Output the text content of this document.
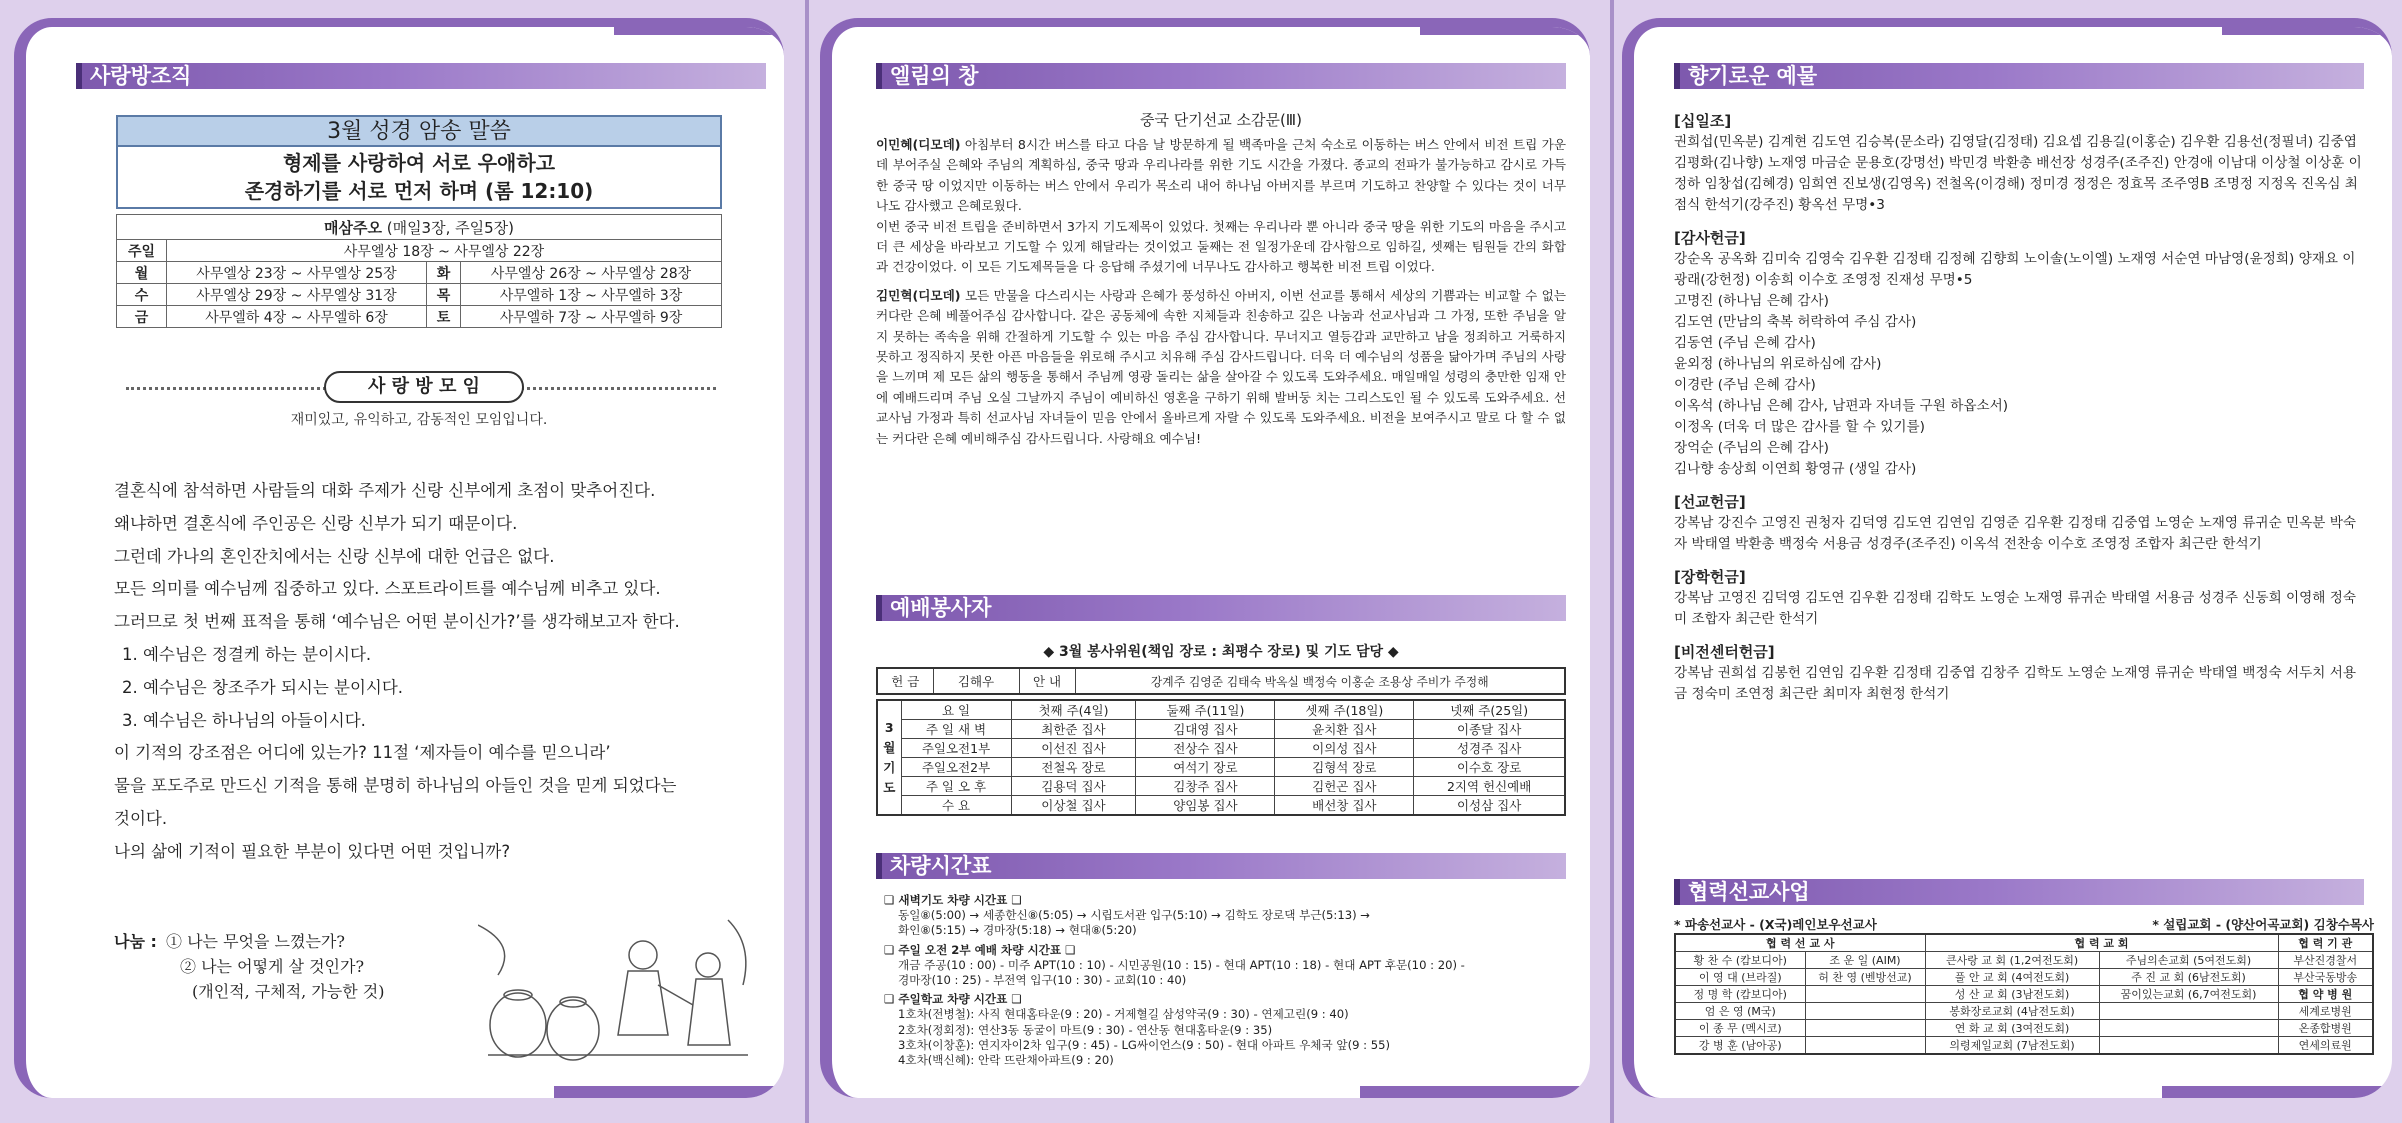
사랑방조직
3월 성경 암송 말씀
형제를 사랑하여 서로 우애하고
존경하기를 서로 먼저 하며 (롬 12:10)
매삼주오 (매일3장, 주일5장)			
주일	사무엘상 18장 ~ 사무엘상 22장		
월	사무엘상 23장 ~ 사무엘상 25장	화	사무엘상 26장 ~ 사무엘상 28장
수	사무엘상 29장 ~ 사무엘상 31장	목	사무엘하 1장 ~ 사무엘하 3장
금	사무엘하 4장 ~ 사무엘하 6장	토	사무엘하 7장 ~ 사무엘하 9장
사 랑 방 모 임
재미있고, 유익하고, 감동적인 모임입니다.
결혼식에 참석하면 사람들의 대화 주제가 신랑 신부에게 초점이 맞추어진다.
왜냐하면 결혼식에 주인공은 신랑 신부가 되기 때문이다.
그런데 가나의 혼인잔치에서는 신랑 신부에 대한 언급은 없다.
모든 의미를 예수님께 집중하고 있다. 스포트라이트를 예수님께 비추고 있다.
그러므로 첫 번째 표적을 통해 ‘예수님은 어떤 분이신가?’를 생각해보고자 한다.
1. 예수님은 정결케 하는 분이시다.
2. 예수님은 창조주가 되시는 분이시다.
3. 예수님은 하나님의 아들이시다.
이 기적의 강조점은 어디에 있는가? 11절 ‘제자들이 예수를 믿으니라’
물을 포도주로 만드신 기적을 통해 분명히 하나님의 아들인 것을 믿게 되었다는
것이다.
나의 삶에 기적이 필요한 부분이 있다면 어떤 것입니까?
나눔 : ① 나는 무엇을 느꼈는가?
② 나는 어떻게 살 것인가?
(개인적, 구체적, 가능한 것)
엘림의 창
중국 단기선교 소감문(Ⅲ)

이민혜(디모데) 아침부터 8시간 버스를 타고 다음 날 방문하게 될 백족마을 근처 숙소로 이동하는 버스 안에서 비전 트립 가운데 부어주실 은혜와 주님의 계획하심, 중국 땅과 우리나라를 위한 기도 시간을 가졌다. 종교의 전파가 불가능하고 감시로 가득한 중국 땅 이었지만 이동하는 버스 안에서 우리가 목소리 내어 하나님 아버지를 부르며 기도하고 찬양할 수 있다는 것이 너무나도 감사했고 은혜로웠다.

이번 중국 비전 트립을 준비하면서 3가지 기도제목이 있었다. 첫째는 우리나라 뿐 아니라 중국 땅을 위한 기도의 마음을 주시고 더 큰 세상을 바라보고 기도할 수 있게 해달라는 것이었고 둘째는 전 일정가운데 감사함으로 임하길, 셋째는 팀원들 간의 화합과 건강이었다. 이 모든 기도제목들을 다 응답해 주셨기에 너무나도 감사하고 행복한 비전 트립 이었다.

김민혁(디모데) 모든 만물을 다스리시는 사랑과 은혜가 풍성하신 아버지, 이번 선교를 통해서 세상의 기쁨과는 비교할 수 없는 커다란 은혜 베풀어주심 감사합니다. 같은 공동체에 속한 지체들과 친송하고 깊은 나눔과 선교사님과 그 가정, 또한 주님을 알지 못하는 족속을 위해 간절하게 기도할 수 있는 마음 주심 감사합니다. 무너지고 열등감과 교만하고 남을 정죄하고 거룩하지 못하고 정직하지 못한 아픈 마음들을 위로해 주시고 치유해 주심 감사드립니다. 더욱 더 예수님의 성품을 닮아가며 주님의 사랑을 느끼며 제 모든 삶의 행동을 통해서 주님께 영광 돌리는 삶을 살아갈 수 있도록 도와주세요. 매일매일 성령의 충만한 임재 안에 예배드리며 주님 오실 그날까지 주님이 예비하신 영혼을 구하기 위해 발버둥 치는 그리스도인 될 수 있도록 도와주세요. 선교사님 가정과 특히 선교사님 자녀들이 믿음 안에서 올바르게 자랄 수 있도록 도와주세요. 비전을 보여주시고 말로 다 할 수 없는 커다란 은혜 예비해주심 감사드립니다. 사랑해요 예수님!

예배봉사자
◆ 3월 봉사위원(책임 장로 : 최평수 장로) 및 기도 담당 ◆
헌 금	김해우	안 내	강계주 김영준 김태숙 박옥실 백정숙 이홍순 조용상 주비가 주정해
3
월
기
도	요 일	첫째 주(4일)	둘째 주(11일)	셋째 주(18일)	넷째 주(25일)
	주 일 새 벽	최한준 집사	김대영 집사	윤치환 집사	이종달 집사
	주일오전1부	이선진 집사	전상수 집사	이의성 집사	성경주 집사
	주일오전2부	전철옥 장로	여석기 장로	김형석 장로	이수호 장로
	주 일 오 후	김용덕 집사	김창주 집사	김헌곤 집사	2지역 헌신예배
	수 요	이상철 집사	양임봉 집사	배선창 집사	이성삼 집사
차량시간표
❑ 새벽기도 차량 시간표 ❑
동일⑧(5:00) → 세종한신⑧(5:05) → 시립도서관 입구(5:10) → 김학도 장로댁 부근(5:13) →
화인⑧(5:15) → 경마장(5:18) → 현대⑧(5:20)
❑ 주일 오전 2부 예배 차량 시간표 ❑
개금 주공(10 : 00) - 미주 APT(10 : 10) - 시민공원(10 : 15) - 현대 APT(10 : 18) - 현대 APT 후문(10 : 20) -
경마장(10 : 25) - 부전역 입구(10 : 30) - 교회(10 : 40)
❑ 주일학교 차량 시간표 ❑
1호차(전병철): 사직 현대홈타운(9 : 20) - 거제혈길 삼성약국(9 : 30) - 연제고린(9 : 40)
2호차(정회정): 연산3동 동굴이 마트(9 : 30) - 연산동 현대홈타운(9 : 35)
3호차(이창훈): 연지자이2차 입구(9 : 45) - LG싸이언스(9 : 50) - 현대 아파트 우체국 앞(9 : 55)
4호차(백신혜): 안락 뜨란채아파트(9 : 20)
향기로운 예물
[십일조]
권희섭(민옥분) 김계현 김도연 김승복(문소라) 김영달(김정태) 김요셉 김용길(이홍순) 김우환 김용선(정필녀) 김중엽 김평화(김나향) 노재영 마금순 문용호(강명선) 박민경 박환총 배선장 성경주(조주진) 안경애 이남대 이상철 이상훈 이정하 임창섭(김혜경) 임희연 진보생(김영옥) 전철옥(이경해) 정미경 정정은 정효목 조주영B 조명정 지정옥 진옥심 최점식 한석기(강주진) 황옥선 무명•3
[감사헌금]
강순옥 공옥화 김미숙 김영숙 김우환 김정태 김정혜 김향희 노이솔(노이엘) 노재영 서순연 마남영(윤정희) 양재요 이광래(강헌정) 이송희 이수호 조영정 진재성 무명•5
고명진 (하나님 은혜 감사)
김도연 (만남의 축복 허락하여 주심 감사)
김동연 (주님 은혜 감사)
윤외정 (하나님의 위로하심에 감사)
이경란 (주님 은혜 감사)
이옥석 (하나님 은혜 감사, 남편과 자녀들 구원 하옵소서)
이정옥 (더욱 더 많은 감사를 할 수 있기를)
장억순 (주님의 은혜 감사)
김나향 송상희 이연희 황영규 (생일 감사)
[선교헌금]
강복남 강진수 고영진 권청자 김덕영 김도연 김연임 김영준 김우환 김정태 김중엽 노영순 노재영 류귀순 민옥분 박숙자 박태열 박환총 백정숙 서용금 성경주(조주진) 이옥석 전찬송 이수호 조영정 조합자 최근란 한석기
[장학헌금]
강복남 고영진 김덕영 김도연 김우환 김정태 김학도 노영순 노재영 류귀순 박태열 서용금 성경주 신동희 이영해 정숙미 조합자 최근란 한석기
[비전센터헌금]
강복남 권희섭 김봉헌 김연임 김우환 김정태 김중엽 김창주 김학도 노영순 노재영 류귀순 박태열 백정숙 서두치 서용금 정숙미 조연정 최근란 최미자 최현정 한석기
협력선교사업
* 파송선교사 - (X국)레인보우선교사	* 설립교회 - (양산어곡교회) 김창수목사
협 력 선 교 사		협 력 교 회		협 력 기 관
황 찬 수 (캄보디아)	조 운 일 (AIM)	큰사랑 교 회 (1,2여전도회)	주님의손교회 (5여전도회)	부산진경찰서
이 영 대 (브라질)	허 찬 영 (벤방선교)	풀 안 교 회 (4여전도회)	주 진 교 회 (6남전도회)	부산국동방송
정 명 학 (캄보디아)		성 산 교 회 (3남전도회)	꿈이있는교회 (6,7여전도회)	협 약 병 원
엄 은 영 (M국)		봉화장로교회 (4남전도회)		세계로병원
이 종 무 (멕시코)		연 화 교 회 (3여전도회)		온종합병원
강 병 훈 (남아공)		의령제일교회 (7남전도회)		연세의료원
